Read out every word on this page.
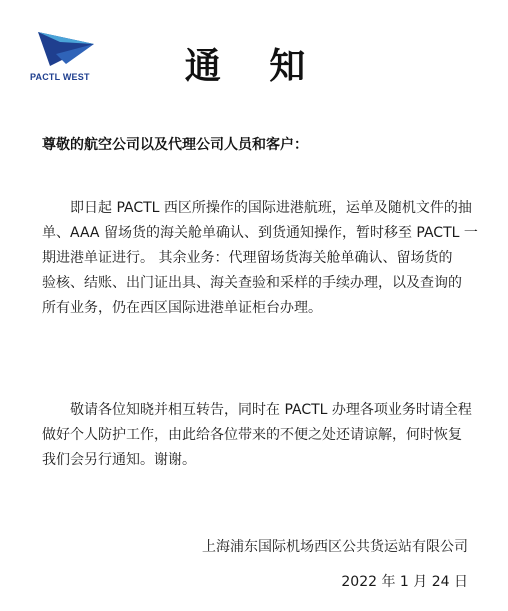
PACTL WEST	通 知
尊敬的航空公司以及代理公司人员和客户：
即日起 PACTL 西区所操作的国际进港航班，运单及随机文件的抽
单、AAA 留场货的海关舱单确认、到货通知操作，暂时移至 PACTL 一
期进港单证进行。 其余业务：代理留场货海关舱单确认、留场货的
验核、结账、出门证出具、海关查验和采样的手续办理，以及查询的
所有业务，仍在西区国际进港单证柜台办理。
敬请各位知晓并相互转告，同时在 PACTL 办理各项业务时请全程
做好个人防护工作，由此给各位带来的不便之处还请谅解，何时恢复
我们会另行通知。谢谢。
上海浦东国际机场西区公共货运站有限公司
2022 年 1 月 24 日
